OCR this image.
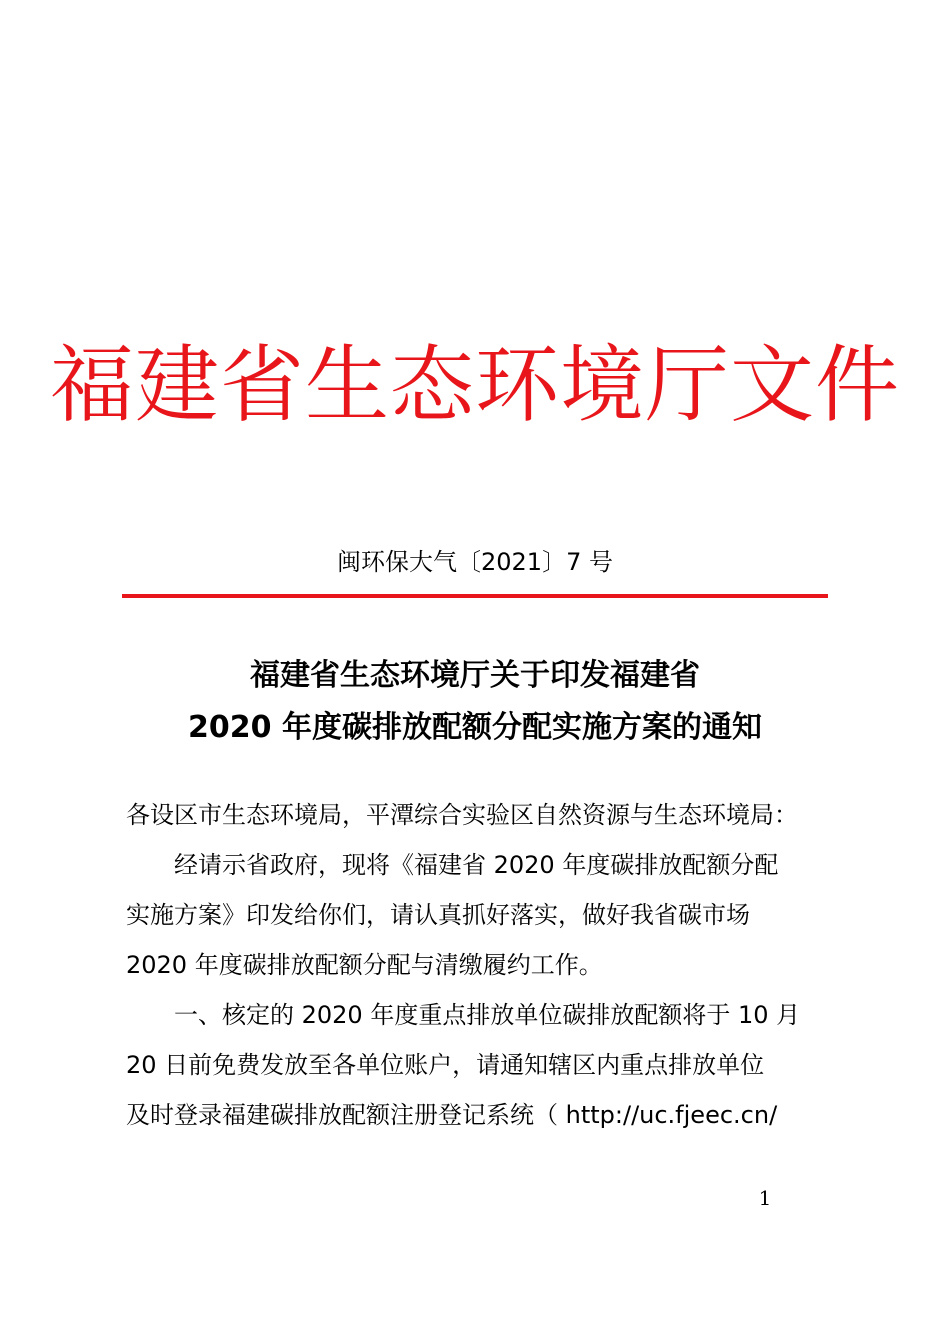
福建省生态环境厅文件
闽环保大气〔2021〕7 号
福建省生态环境厅关于印发福建省
2020 年度碳排放配额分配实施方案的通知

各设区市生态环境局，平潭综合实验区自然资源与生态环境局：

经请示省政府，现将《福建省 2020 年度碳排放配额分配
实施方案》印发给你们，请认真抓好落实，做好我省碳市场
2020 年度碳排放配额分配与清缴履约工作。

一、核定的 2020 年度重点排放单位碳排放配额将于 10 月
20 日前免费发放至各单位账户，请通知辖区内重点排放单位
及时登录福建碳排放配额注册登记系统（ http://uc.fjeec.cn/

1
